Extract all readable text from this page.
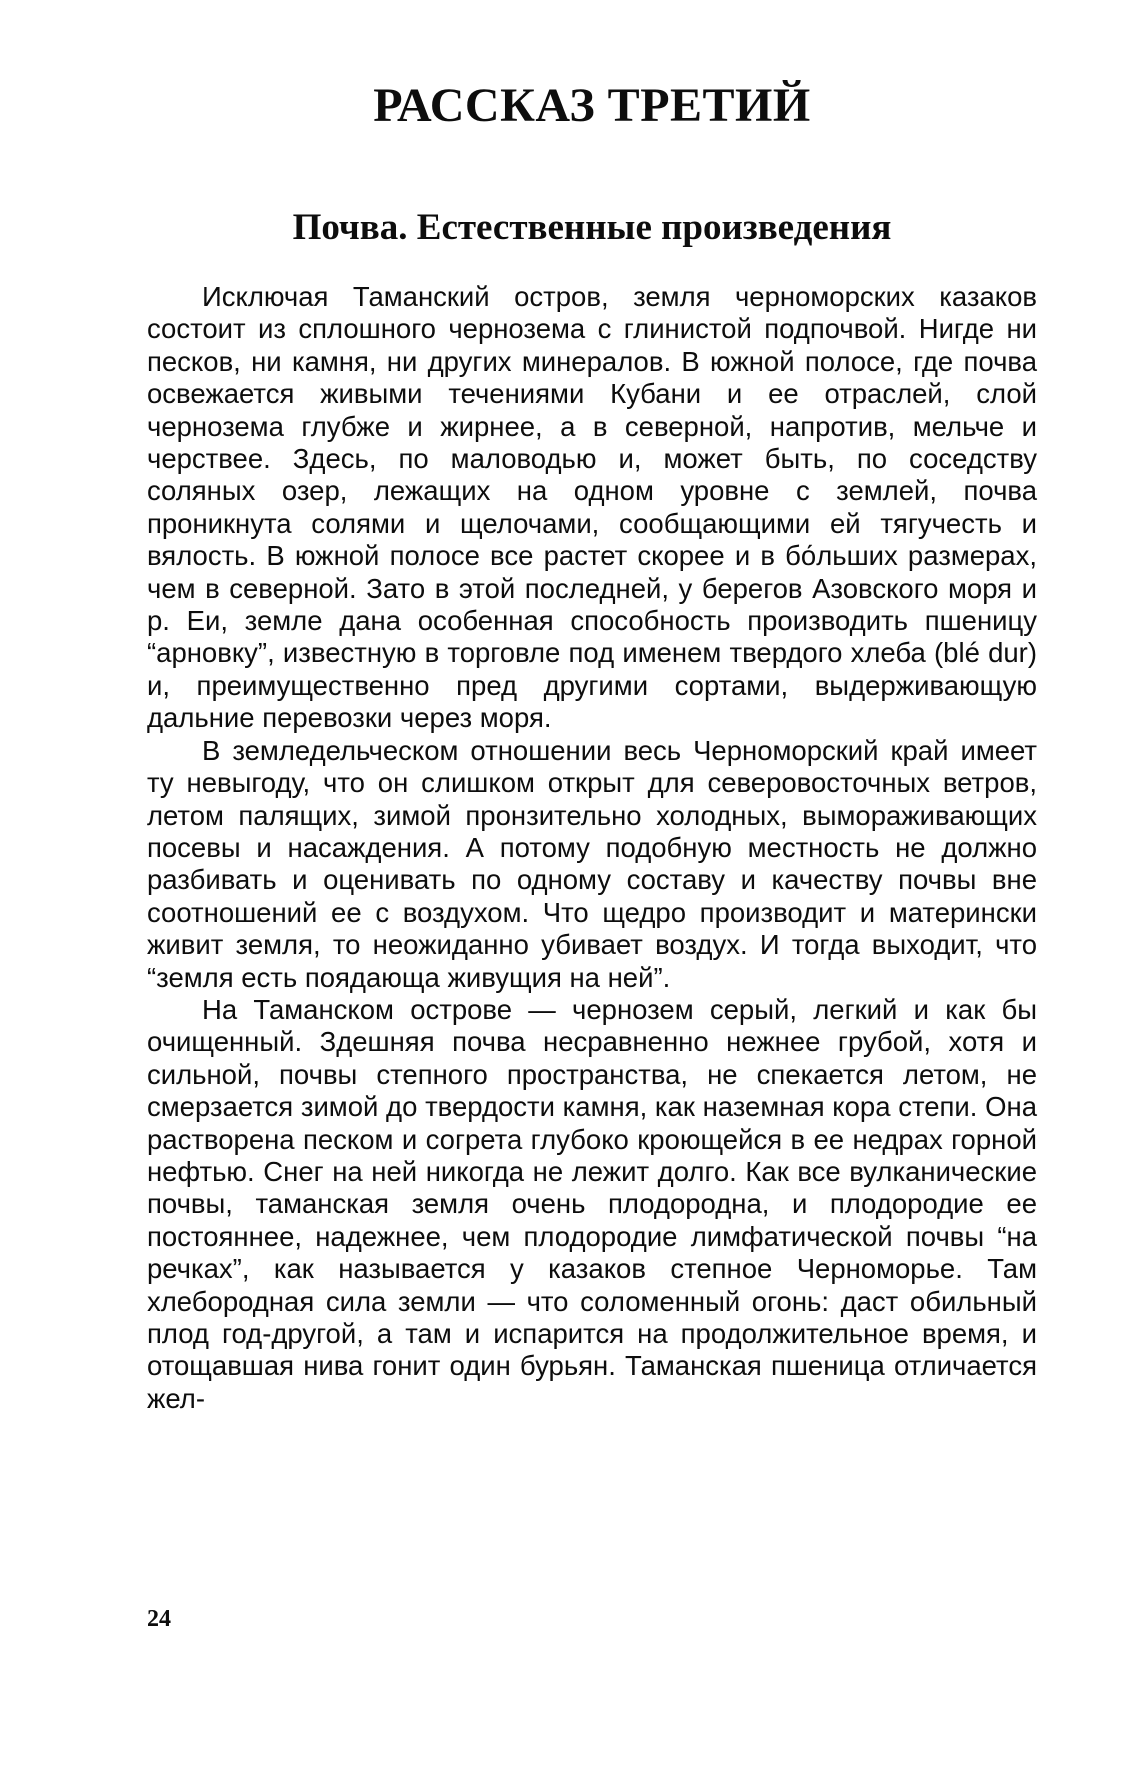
РАССКАЗ ТРЕТИЙ
Почва. Естественные произведения

Исключая Таманский остров, земля черноморских казаков состоит из сплошного чернозема с глинистой подпочвой. Нигде ни песков, ни камня, ни других минералов. В южной полосе, где почва освежается живыми течениями Кубани и ее отраслей, слой чернозема глубже и жирнее, а в северной, напротив, мельче и черствее. Здесь, по маловодью и, может быть, по соседству соляных озер, лежащих на одном уровне с землей, почва проникнута солями и щелочами, сообщающими ей тягучесть и вялость. В южной полосе все растет скорее и в бо́льших размерах, чем в северной. Зато в этой последней, у берегов Азовского моря и р. Еи, земле дана особенная способность производить пшеницу “арновку”, известную в торговле под именем твердого хлеба (blé dur) и, преимущественно пред другими сортами, выдерживающую дальние перевозки через моря.

В земледельческом отношении весь Черноморский край имеет ту невыгоду, что он слишком открыт для северовосточных ветров, летом палящих, зимой пронзительно холодных, вымораживающих посевы и насаждения. А потому подобную местность не должно разбивать и оценивать по одному составу и качеству почвы вне соотношений ее с воздухом. Что щедро производит и матерински живит земля, то неожиданно убивает воздух. И тогда выходит, что “земля есть поядающа живущия на ней”.

На Таманском острове — чернозем серый, легкий и как бы очищенный. Здешняя почва несравненно нежнее грубой, хотя и сильной, почвы степного пространства, не спекается летом, не смерзается зимой до твердости камня, как наземная кора степи. Она растворена песком и согрета глубоко кроющейся в ее недрах горной нефтью. Снег на ней никогда не лежит долго. Как все вулканические почвы, таманская земля очень плодородна, и плодородие ее постояннее, надежнее, чем плодородие лимфатической почвы “на речках”, как называется у казаков степное Черноморье. Там хлебородная сила земли — что соломенный огонь: даст обильный плод год-другой, а там и испарится на продолжительное время, и отощавшая нива гонит один бурьян. Таманская пшеница отличается жел-

24
